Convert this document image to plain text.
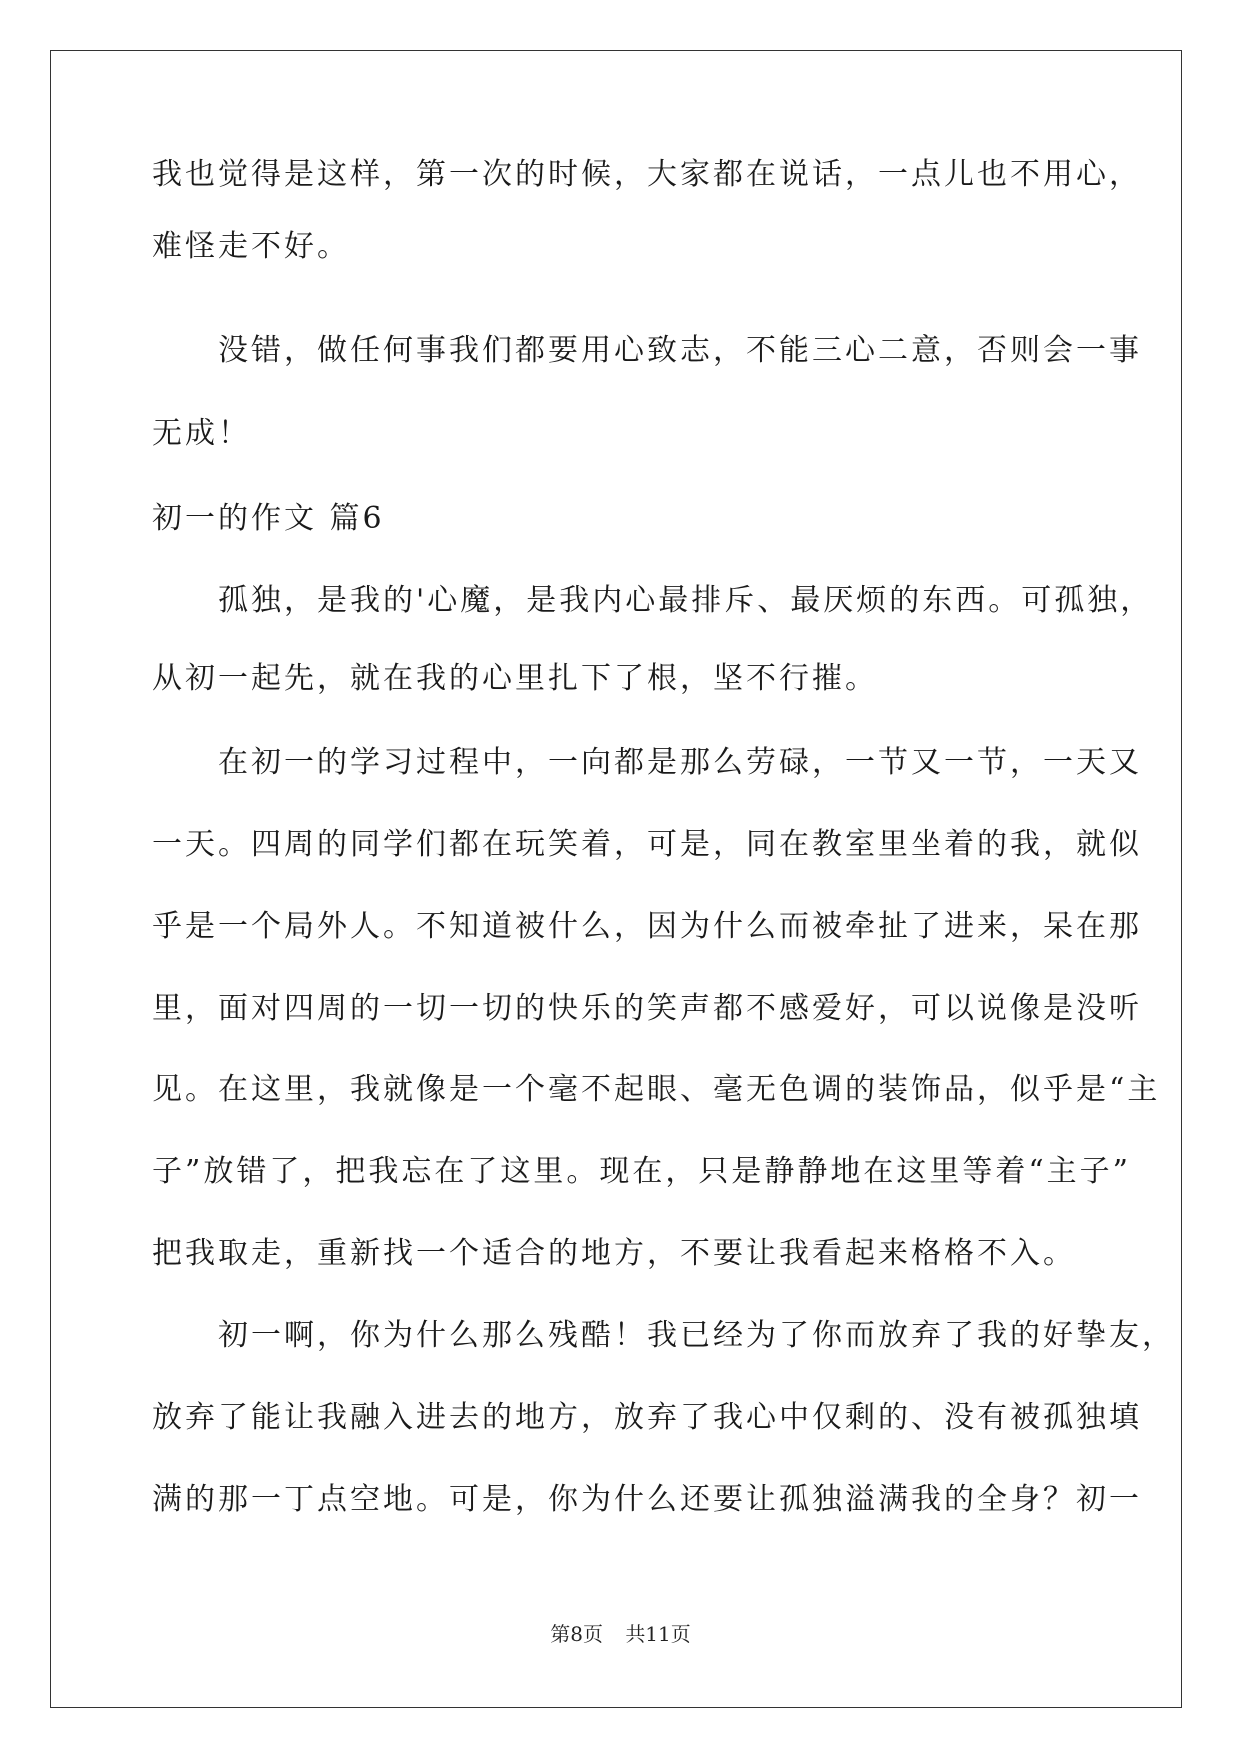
我也觉得是这样，第一次的时候，大家都在说话，一点儿也不用心，
难怪走不好。
　　没错，做任何事我们都要用心致志，不能三心二意，否则会一事
无成！
初一的作文 篇6
　　孤独，是我的'心魔，是我内心最排斥、最厌烦的东西。可孤独，
从初一起先，就在我的心里扎下了根，坚不行摧。
　　在初一的学习过程中，一向都是那么劳碌，一节又一节，一天又
一天。四周的同学们都在玩笑着，可是，同在教室里坐着的我，就似
乎是一个局外人。不知道被什么，因为什么而被牵扯了进来，呆在那
里，面对四周的一切一切的快乐的笑声都不感爱好，可以说像是没听
见。在这里，我就像是一个毫不起眼、毫无色调的装饰品，似乎是“主
子”放错了，把我忘在了这里。现在，只是静静地在这里等着“主子”
把我取走，重新找一个适合的地方，不要让我看起来格格不入。
　　初一啊，你为什么那么残酷！我已经为了你而放弃了我的好挚友，
放弃了能让我融入进去的地方，放弃了我心中仅剩的、没有被孤独填
满的那一丁点空地。可是，你为什么还要让孤独溢满我的全身？初一
第8页 共11页
